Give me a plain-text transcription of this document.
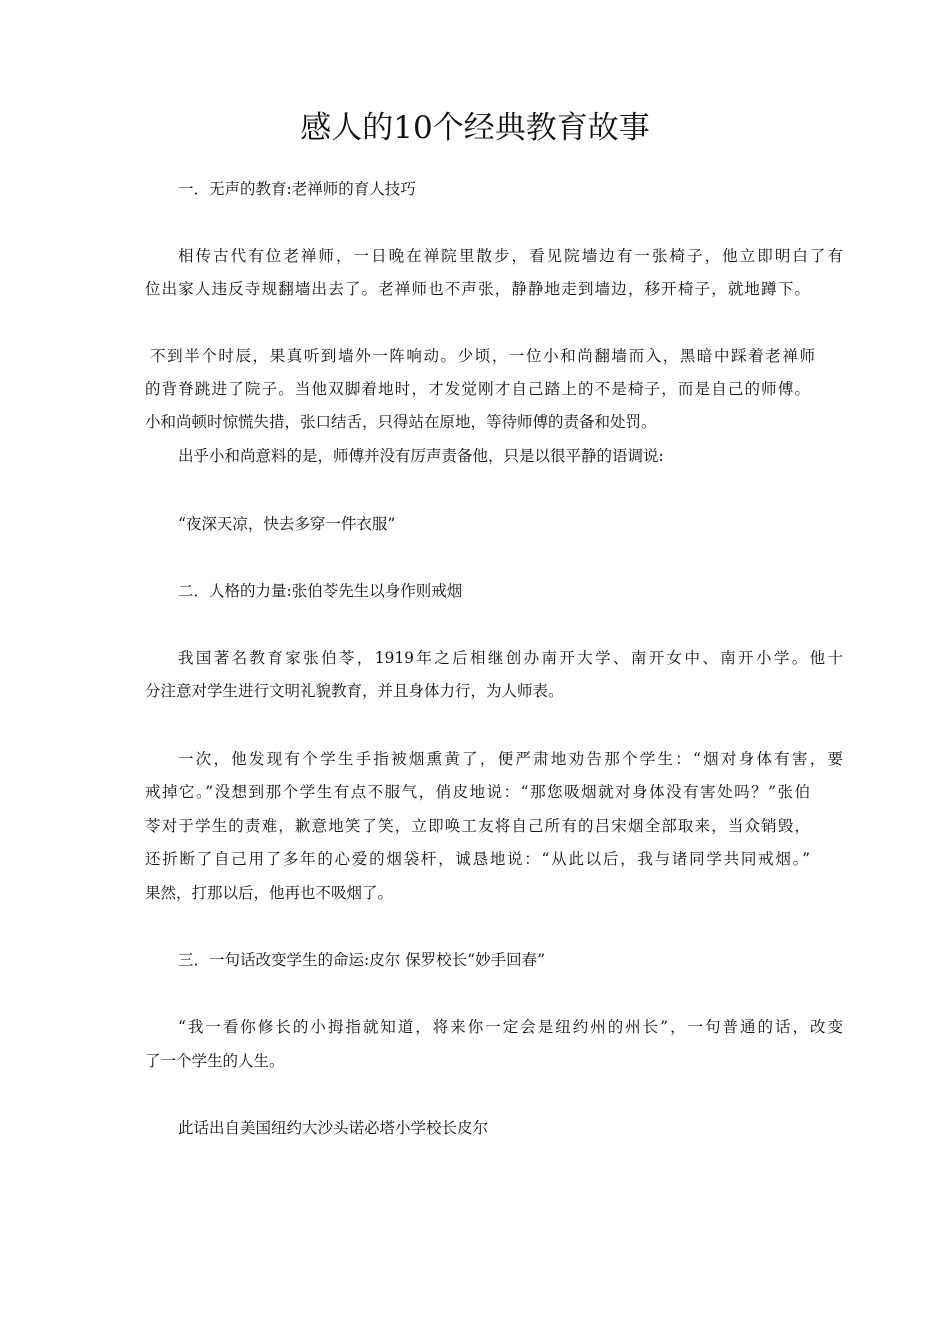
感人的10个经典教育故事

一．无声的教育:老禅师的育人技巧

相传古代有位老禅师，一日晚在禅院里散步，看见院墙边有一张椅子，他立即明白了有

位出家人违反寺规翻墙出去了。老禅师也不声张，静静地走到墙边，移开椅子，就地蹲下。

不到半个时辰，果真听到墙外一阵响动。少顷，一位小和尚翻墙而入，黑暗中踩着老禅师

的背脊跳进了院子。当他双脚着地时，才发觉刚才自己踏上的不是椅子，而是自己的师傅。

小和尚顿时惊慌失措，张口结舌，只得站在原地，等待师傅的责备和处罚。

出乎小和尚意料的是，师傅并没有厉声责备他，只是以很平静的语调说:

“夜深天凉，快去多穿一件衣服”

二．人格的力量:张伯苓先生以身作则戒烟

我国著名教育家张伯苓，1919年之后相继创办南开大学、南开女中、南开小学。他十

分注意对学生进行文明礼貌教育，并且身体力行，为人师表。

一次，他发现有个学生手指被烟熏黄了，便严肃地劝告那个学生：“烟对身体有害，要

戒掉它。”没想到那个学生有点不服气，俏皮地说：“那您吸烟就对身体没有害处吗？”张伯

苓对于学生的责难，歉意地笑了笑，立即唤工友将自己所有的吕宋烟全部取来，当众销毁，

还折断了自己用了多年的心爱的烟袋杆，诚恳地说：“从此以后，我与诸同学共同戒烟。”

果然，打那以后，他再也不吸烟了。

三．一句话改变学生的命运:皮尔 保罗校长“妙手回春”

“我一看你修长的小拇指就知道，将来你一定会是纽约州的州长”，一句普通的话，改变

了一个学生的人生。

此话出自美国纽约大沙头诺必塔小学校长皮尔
